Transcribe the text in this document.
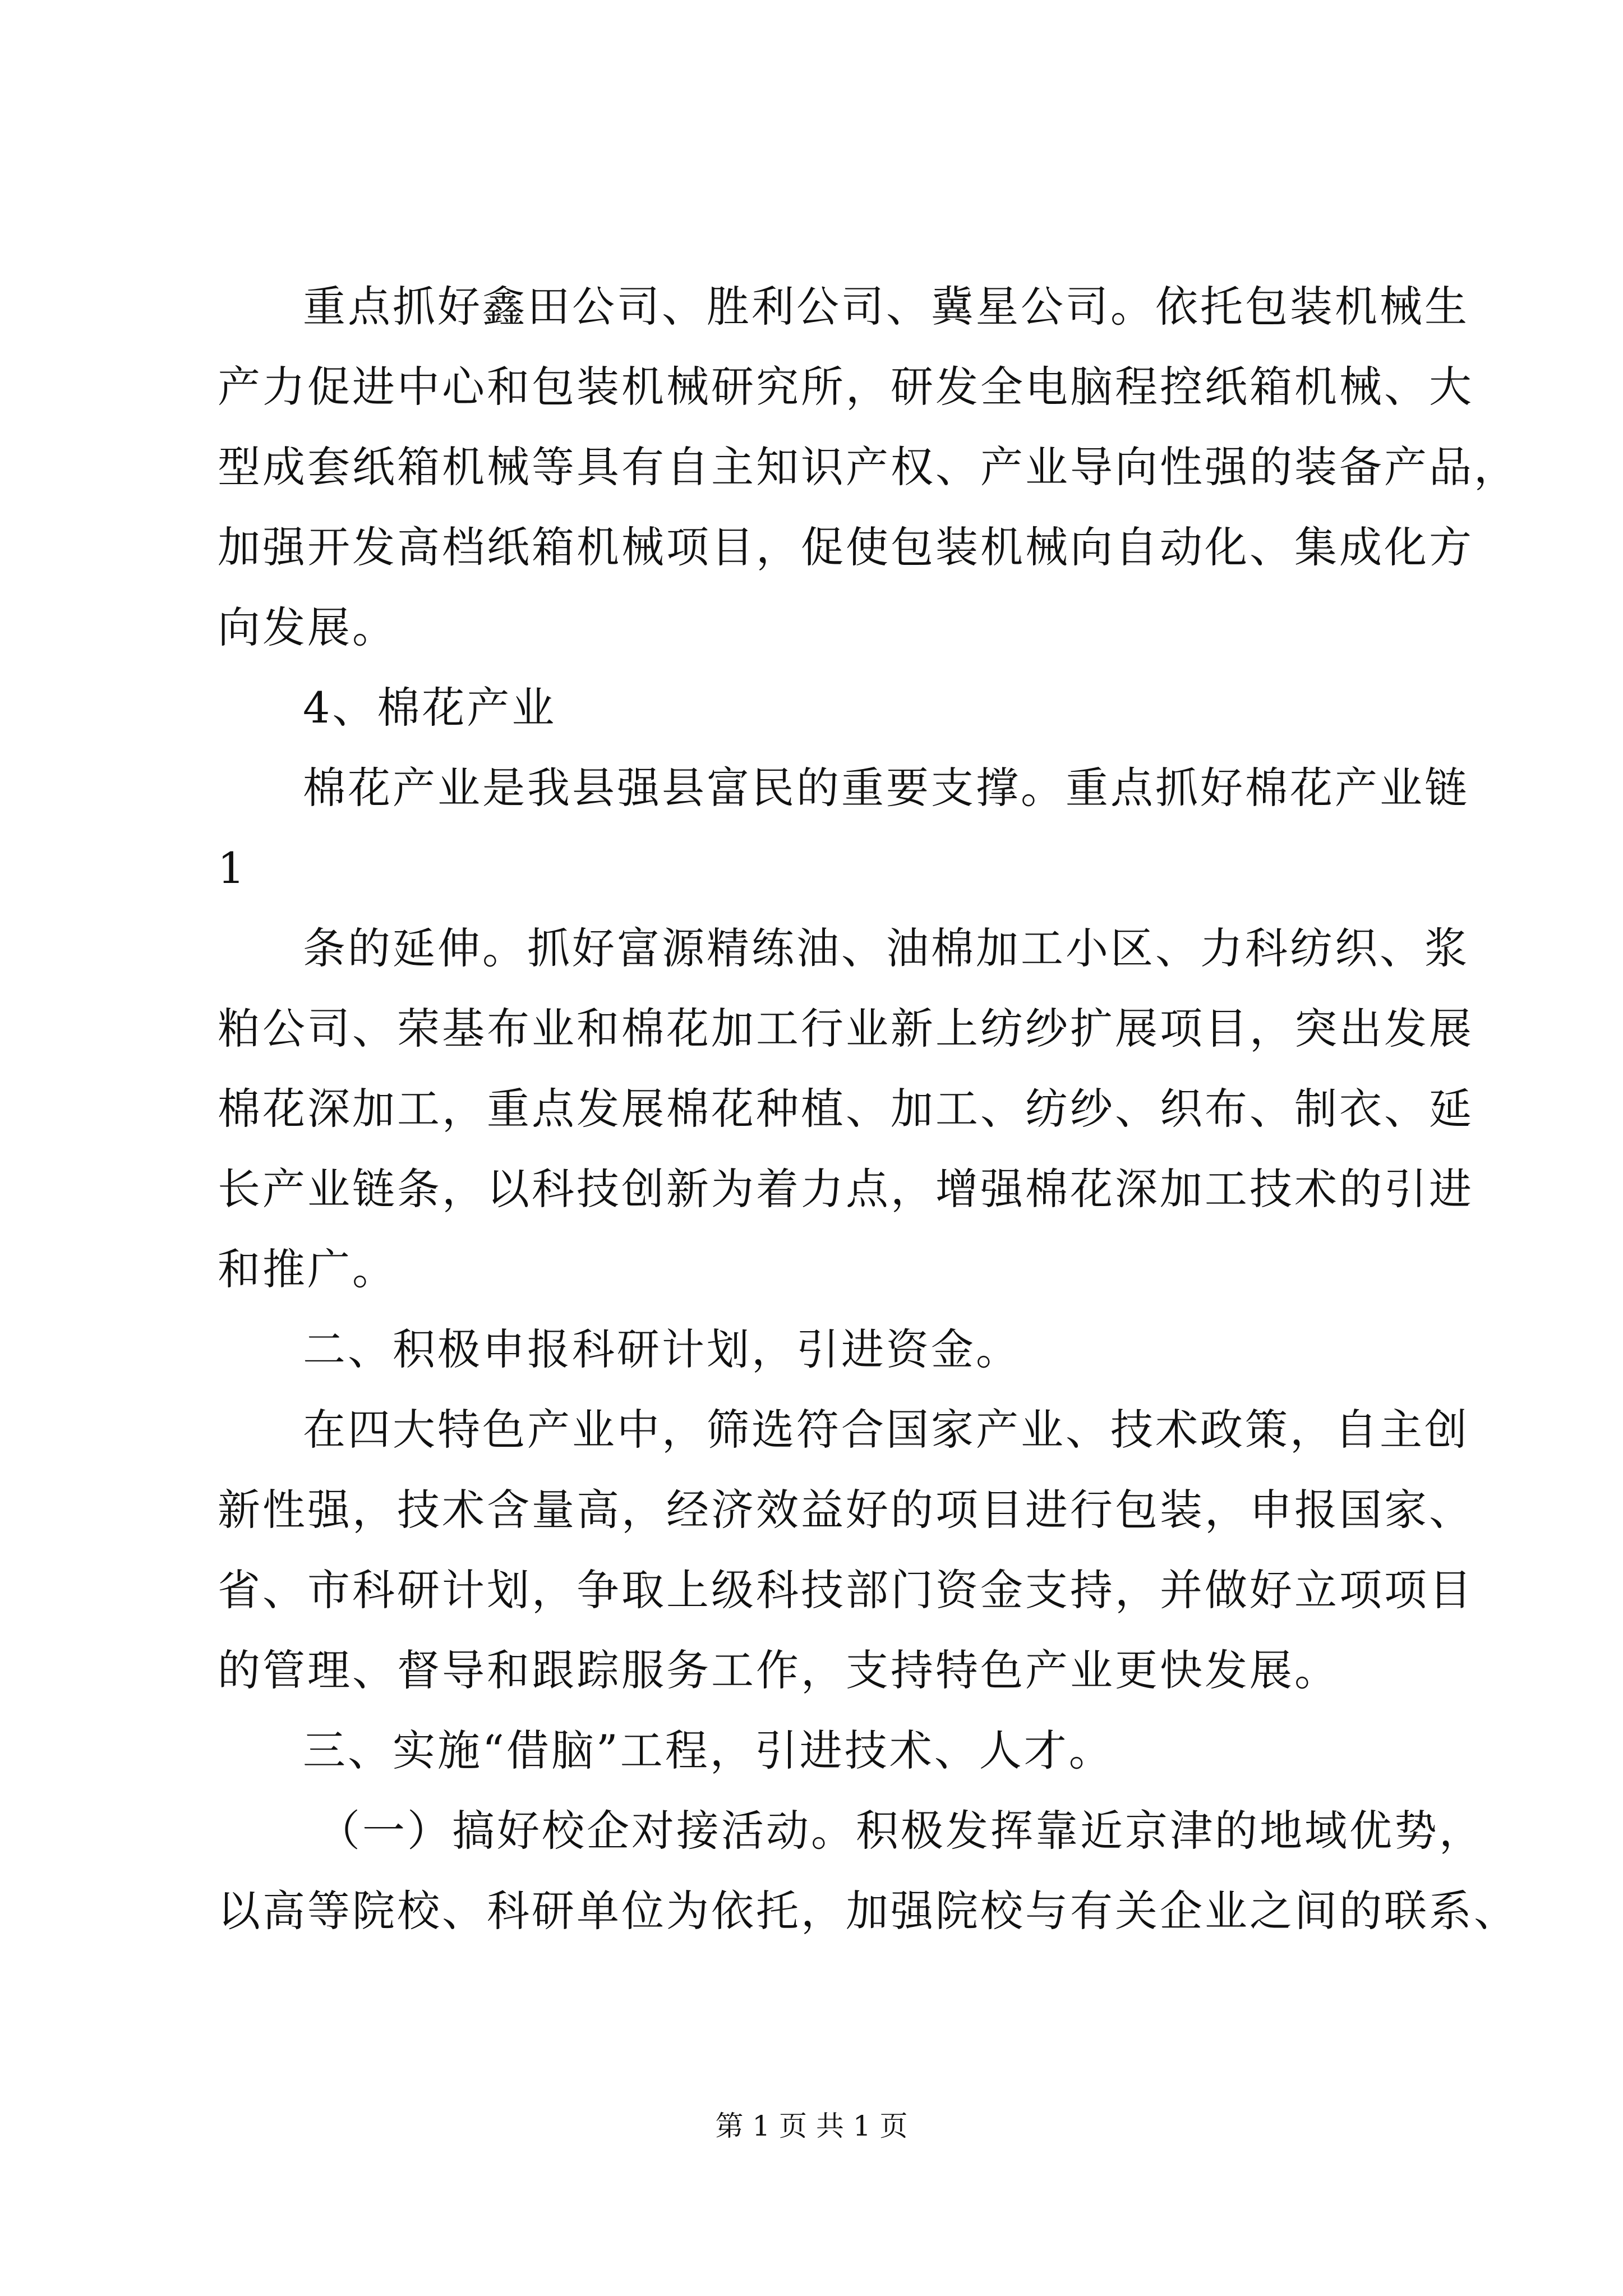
重点抓好鑫田公司、胜利公司、冀星公司。依托包装机械生
产力促进中心和包装机械研究所，研发全电脑程控纸箱机械、大
型成套纸箱机械等具有自主知识产权、产业导向性强的装备产品，
加强开发高档纸箱机械项目，促使包装机械向自动化、集成化方
向发展。
4、棉花产业
棉花产业是我县强县富民的重要支撑。重点抓好棉花产业链
1
条的延伸。抓好富源精练油、油棉加工小区、力科纺织、浆
粕公司、荣基布业和棉花加工行业新上纺纱扩展项目，突出发展
棉花深加工，重点发展棉花种植、加工、纺纱、织布、制衣、延
长产业链条，以科技创新为着力点，增强棉花深加工技术的引进
和推广。
二、积极申报科研计划，引进资金。
在四大特色产业中，筛选符合国家产业、技术政策，自主创
新性强，技术含量高，经济效益好的项目进行包装，申报国家、
省、市科研计划，争取上级科技部门资金支持，并做好立项项目
的管理、督导和跟踪服务工作，支持特色产业更快发展。
三、实施“借脑”工程，引进技术、人才。
（一）搞好校企对接活动。积极发挥靠近京津的地域优势，
以高等院校、科研单位为依托，加强院校与有关企业之间的联系、
第 1 页 共 1 页
